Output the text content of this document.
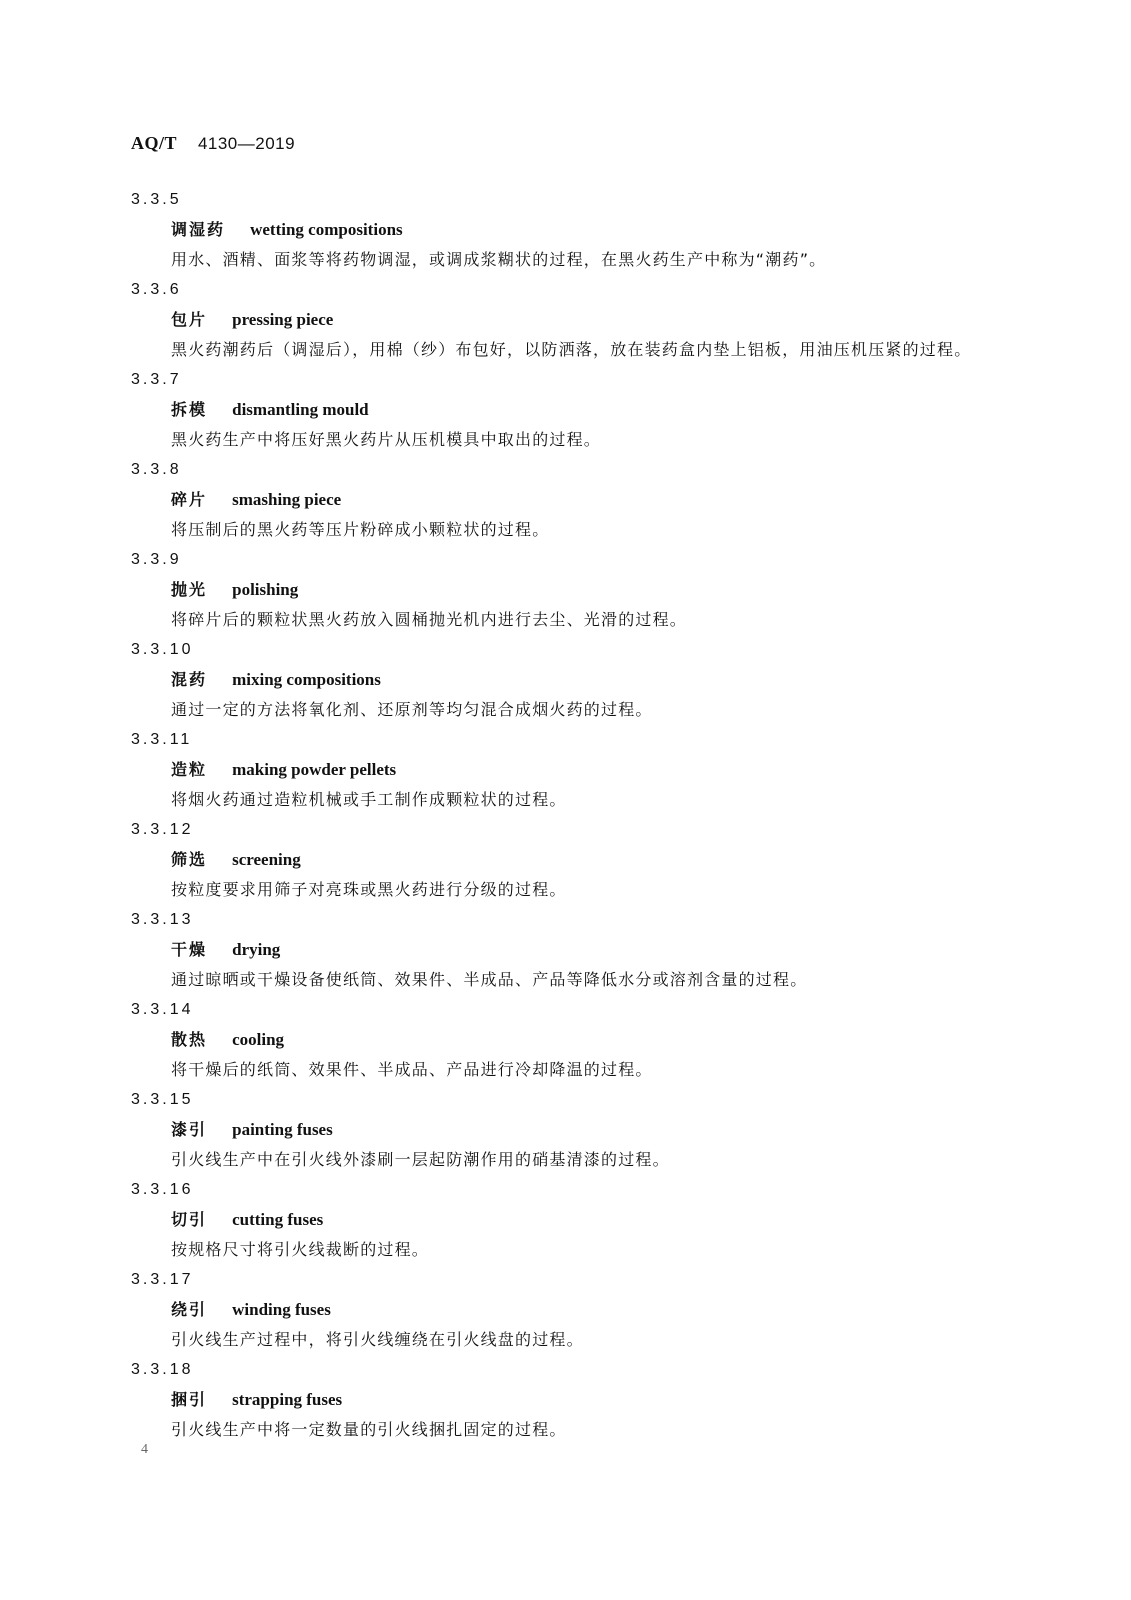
AQ/T 4130—2019
3.3.5
调湿药 wetting compositions

用水、酒精、面浆等将药物调湿，或调成浆糊状的过程，在黑火药生产中称为“潮药”。

3.3.6
包片 pressing piece

黑火药潮药后（调湿后），用棉（纱）布包好，以防洒落，放在装药盒内垫上铝板，用油压机压紧的过程。

3.3.7
拆模 dismantling mould

黑火药生产中将压好黑火药片从压机模具中取出的过程。

3.3.8
碎片 smashing piece

将压制后的黑火药等压片粉碎成小颗粒状的过程。

3.3.9
抛光 polishing

将碎片后的颗粒状黑火药放入圆桶抛光机内进行去尘、光滑的过程。

3.3.10
混药 mixing compositions

通过一定的方法将氧化剂、还原剂等均匀混合成烟火药的过程。

3.3.11
造粒 making powder pellets

将烟火药通过造粒机械或手工制作成颗粒状的过程。

3.3.12
筛选 screening

按粒度要求用筛子对亮珠或黑火药进行分级的过程。

3.3.13
干燥 drying

通过晾晒或干燥设备使纸筒、效果件、半成品、产品等降低水分或溶剂含量的过程。

3.3.14
散热 cooling

将干燥后的纸筒、效果件、半成品、产品进行冷却降温的过程。

3.3.15
漆引 painting fuses

引火线生产中在引火线外漆刷一层起防潮作用的硝基清漆的过程。

3.3.16
切引 cutting fuses

按规格尺寸将引火线裁断的过程。

3.3.17
绕引 winding fuses

引火线生产过程中，将引火线缠绕在引火线盘的过程。

3.3.18
捆引 strapping fuses

引火线生产中将一定数量的引火线捆扎固定的过程。

4
